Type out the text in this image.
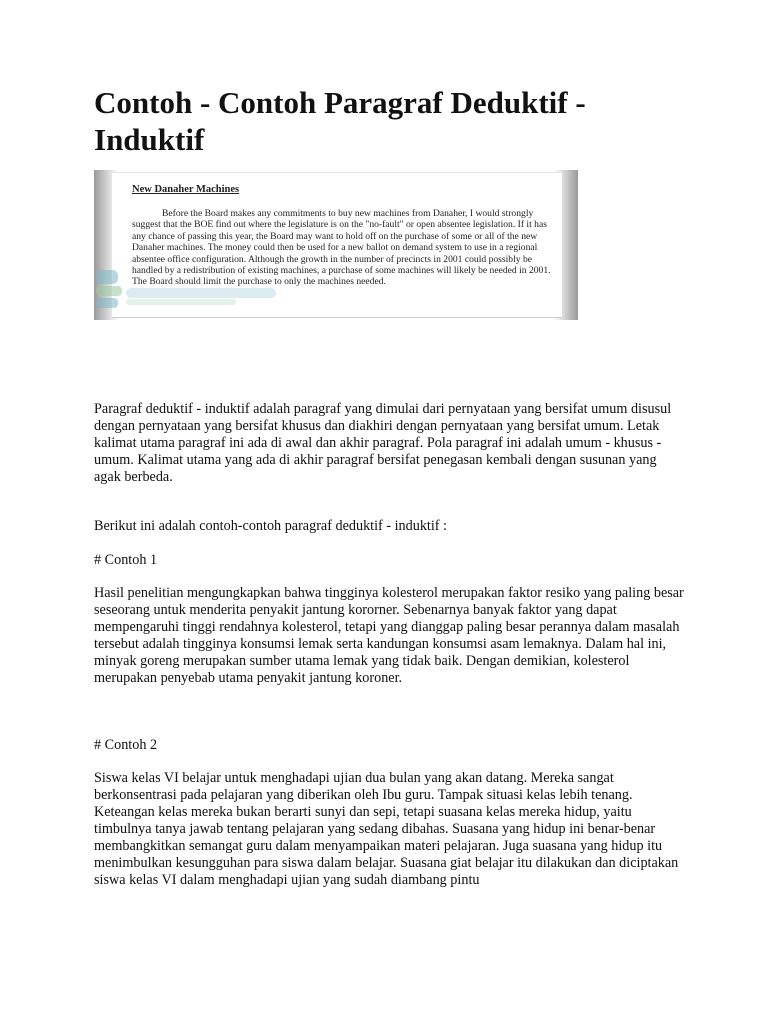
Contoh - Contoh Paragraf Deduktif - Induktif

New Danaher Machines

Before the Board makes any commitments to buy new machines from Danaher, I would strongly suggest that the BOE find out where the legislature is on the "no-fault" or open absentee legislation. If it has any chance of passing this year, the Board may want to hold off on the purchase of some or all of the new Danaher machines. The money could then be used for a new ballot on demand system to use in a regional absentee office configuration. Although the growth in the number of precincts in 2001 could possibly be handled by a redistribution of existing machines, a purchase of some machines will likely be needed in 2001. The Board should limit the purchase to only the machines needed.

Paragraf deduktif - induktif adalah paragraf yang dimulai dari pernyataan yang bersifat umum disusul dengan pernyataan yang bersifat khusus dan diakhiri dengan pernyataan yang bersifat umum. Letak kalimat utama paragraf ini ada di awal dan akhir paragraf. Pola paragraf ini adalah umum - khusus - umum. Kalimat utama yang ada di akhir paragraf bersifat penegasan kembali dengan susunan yang agak berbeda.

Berikut ini adalah contoh-contoh paragraf deduktif - induktif :

# Contoh 1

Hasil penelitian mengungkapkan bahwa tingginya kolesterol merupakan faktor resiko yang paling besar seseorang untuk menderita penyakit jantung kororner. Sebenarnya banyak faktor yang dapat mempengaruhi tinggi rendahnya kolesterol, tetapi yang dianggap paling besar perannya dalam masalah tersebut adalah tingginya konsumsi lemak serta kandungan konsumsi asam lemaknya. Dalam hal ini, minyak goreng merupakan sumber utama lemak yang tidak baik. Dengan demikian, kolesterol merupakan penyebab utama penyakit jantung koroner.

# Contoh 2

Siswa kelas VI belajar untuk menghadapi ujian dua bulan yang akan datang. Mereka sangat berkonsentrasi pada pelajaran yang diberikan oleh Ibu guru. Tampak situasi kelas lebih tenang. Keteangan kelas mereka bukan berarti sunyi dan sepi, tetapi suasana kelas mereka hidup, yaitu timbulnya tanya jawab tentang pelajaran yang sedang dibahas. Suasana yang hidup ini benar-benar membangkitkan semangat guru dalam menyampaikan materi pelajaran. Juga suasana yang hidup itu menimbulkan kesungguhan para siswa dalam belajar. Suasana giat belajar itu dilakukan dan diciptakan siswa kelas VI dalam menghadapi ujian yang sudah diambang pintu
